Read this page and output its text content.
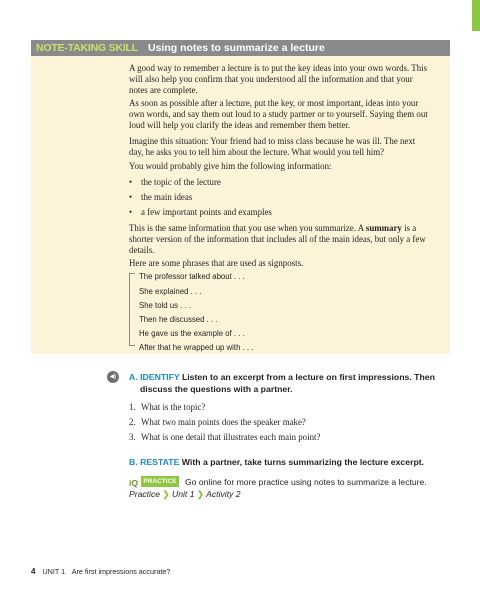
NOTE-TAKING SKILL Using notes to summarize a lecture

A good way to remember a lecture is to put the key ideas into your own words. This will also help you confirm that you understood all the information and that your notes are complete.

As soon as possible after a lecture, put the key, or most important, ideas into your own words, and say them out loud to a study partner or to yourself. Saying them out loud will help you clarify the ideas and remember them better.

Imagine this situation: Your friend had to miss class because he was ill. The next day, he asks you to tell him about the lecture. What would you tell him?

You would probably give him the following information:

• the topic of the lecture
• the main ideas
• a few important points and examples

This is the same information that you use when you summarize. A summary is a shorter version of the information that includes all of the main ideas, but only a few details.

Here are some phrases that are used as signposts.

The professor talked about . . .
She explained . . .
She told us . . .
Then he discussed . . .
He gave us the example of . . .
After that he wrapped up with . . .
◀)	A. IDENTIFY Listen to an excerpt from a lecture on first impressions. Then
discuss the questions with a partner.
1. What is the topic?
2. What two main points does the speaker make?
3. What is one detail that illustrates each main point?
B. RESTATE With a partner, take turns summarizing the lecture excerpt.
iQ PRACTICE Go online for more practice using notes to summarize a lecture.
Practice ❯ Unit 1 ❯ Activity 2
4 UNIT 1 Are first impressions accurate?
